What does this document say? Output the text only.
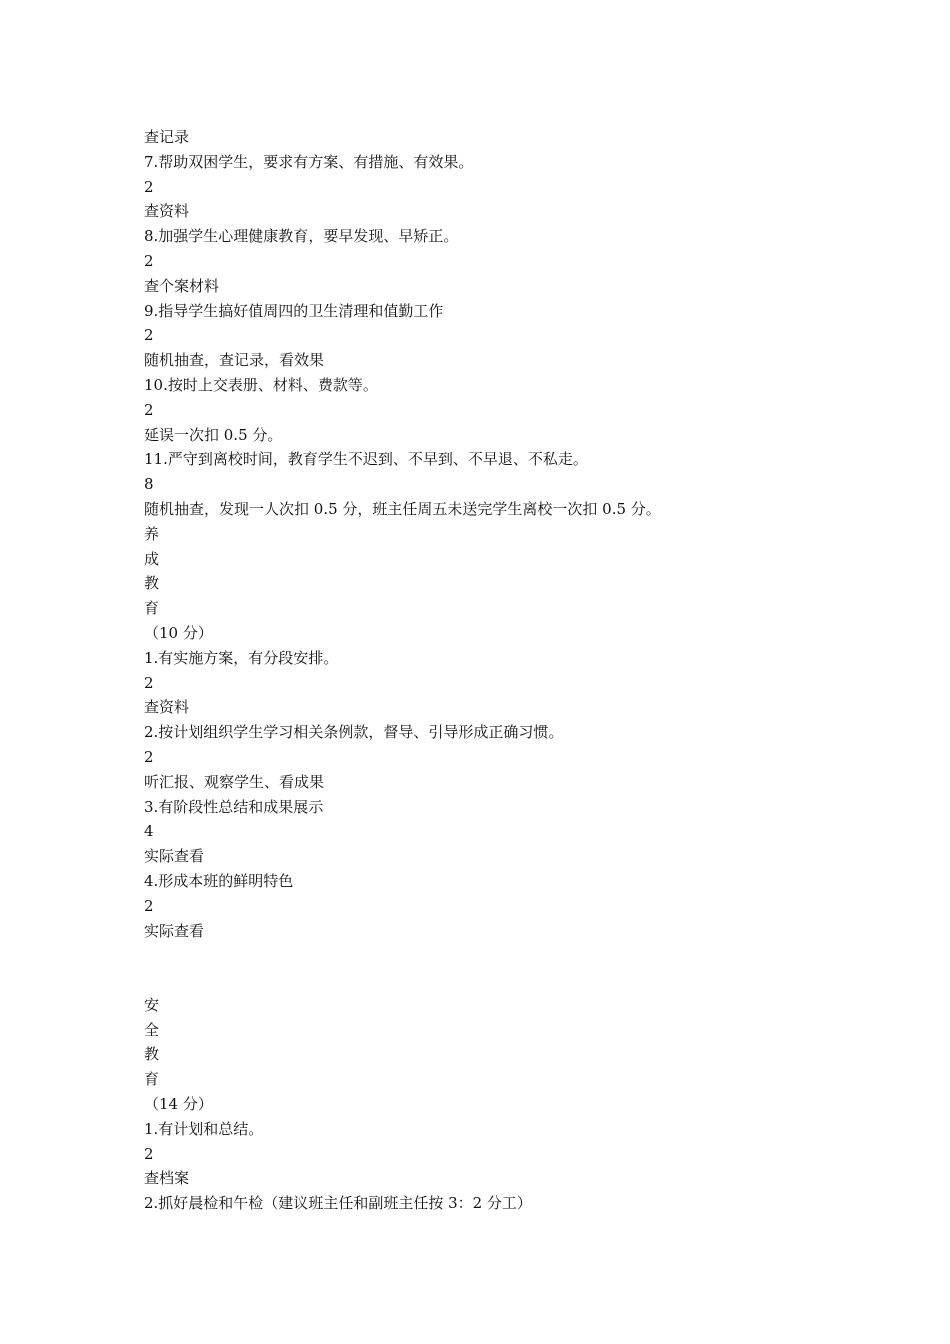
查记录
7.帮助双困学生，要求有方案、有措施、有效果。
2
查资料
8.加强学生心理健康教育，要早发现、早矫正。
2
查个案材料
9.指导学生搞好值周四的卫生清理和值勤工作
2
随机抽查，查记录，看效果
10.按时上交表册、材料、费款等。
2
延误一次扣 0.5 分。
11.严守到离校时间，教育学生不迟到、不早到、不早退、不私走。
8
随机抽查，发现一人次扣 0.5 分，班主任周五未送完学生离校一次扣 0.5 分。
养
成
教
育
（10 分）
1.有实施方案，有分段安排。
2
查资料
2.按计划组织学生学习相关条例款，督导、引导形成正确习惯。
2
听汇报、观察学生、看成果
3.有阶段性总结和成果展示
4
实际查看
4.形成本班的鲜明特色
2
实际查看
安
全
教
育
（14 分）
1.有计划和总结。
2
查档案
2.抓好晨检和午检（建议班主任和副班主任按 3：2 分工）
